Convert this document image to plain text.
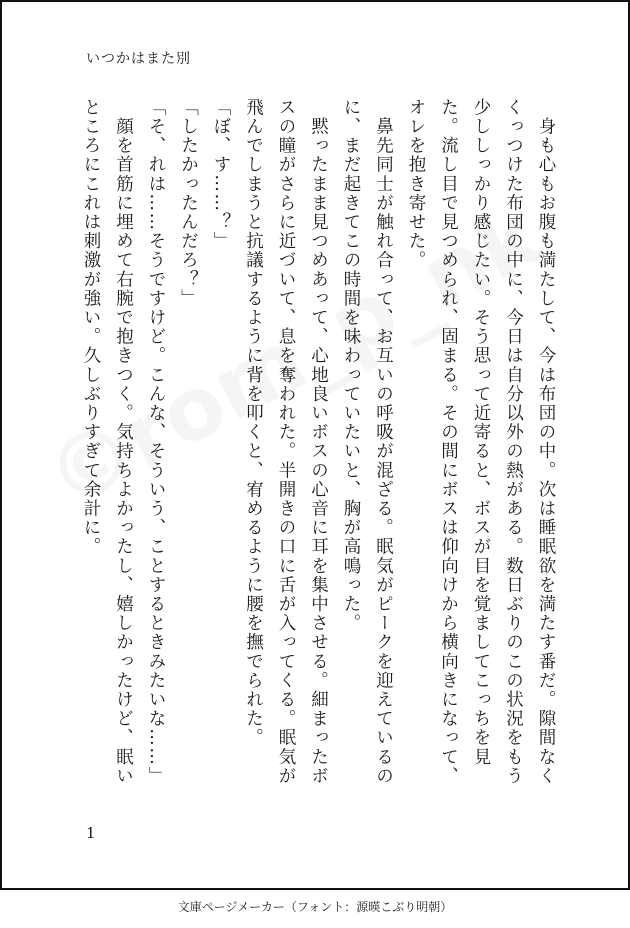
いつかはまた別

　身も心もお腹も満たして、今は布団の中。次は睡眠欲を満たす番だ。隙間なくくっつけた布団の中に、今日は自分以外の熱がある。数日ぶりのこの状況をもう少ししっかり感じたい。そう思って近寄ると、ボスが目を覚ましてこっちを見た。流し目で見つめられ、固まる。その間にボスは仰向けから横向きになって、オレを抱き寄せた。

　鼻先同士が触れ合って、お互いの呼吸が混ざる。眠気がピークを迎えているのに、まだ起きてこの時間を味わっていたいと、胸が高鳴った。

　黙ったまま見つめあって、心地良いボスの心音に耳を集中させる。細まったボスの瞳がさらに近づいて、息を奪われた。半開きの口に舌が入ってくる。眠気が飛んでしまうと抗議するように背を叩くと、宥めるように腰を撫でられた。

「ぼ、す……？」

「したかったんだろ？」

「そ、れは……そうですけど。こんな、そういう、ことするときみたいな……」

　顔を首筋に埋めて右腕で抱きつく。気持ちよかったし、嬉しかったけど、眠いところにこれは刺激が強い。久しぶりすぎて余計に。

1
文庫ページメーカー（フォント：源暎こぶり明朝）
